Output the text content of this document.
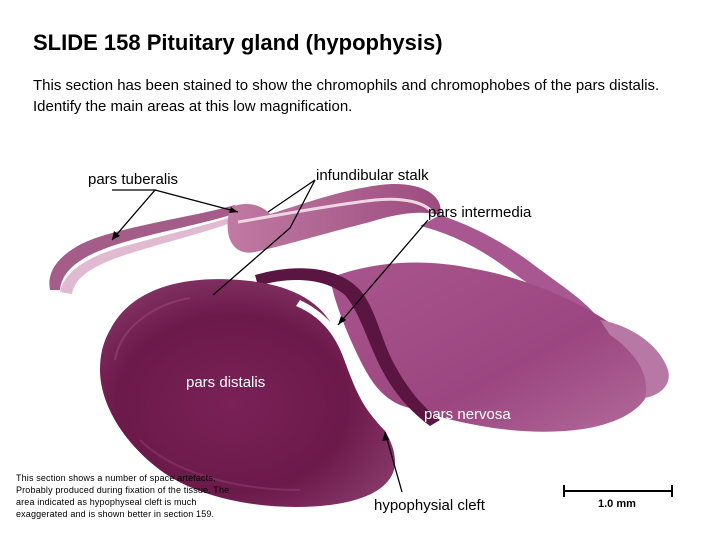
SLIDE 158 Pituitary gland (hypophysis)

This section has been stained to show the chromophils and chromophobes of the pars distalis.

Identify the main areas at this low magnification.

pars tuberalis	infundibular stalk
pars intermedia
pars distalis
pars nervosa
hypophysial cleft
This section shows a number of space artefacts, Probably produced during fixation of the tissue. The area indicated as hypophyseal cleft is much exaggerated and is shown better in section 159.
1.0 mm
